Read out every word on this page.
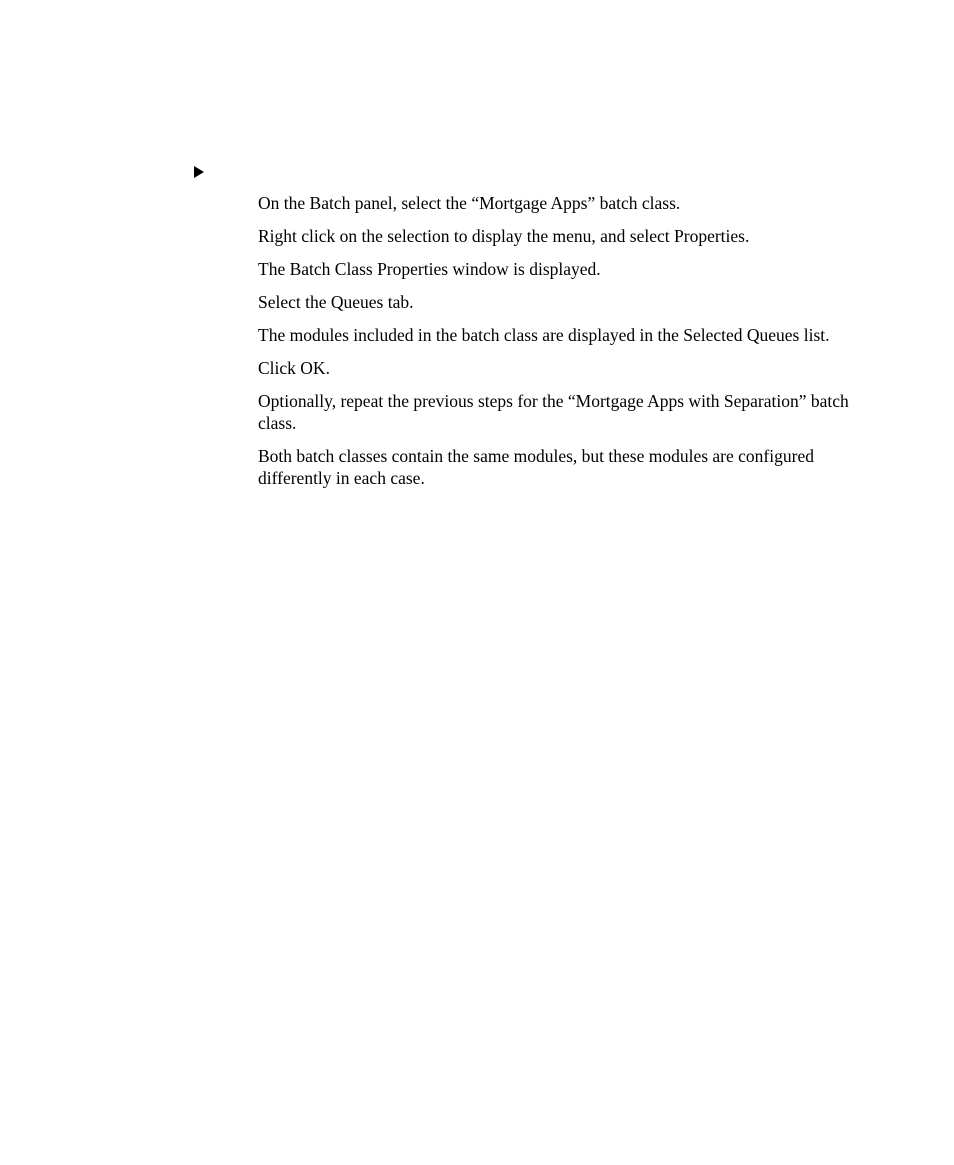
On the Batch panel, select the “Mortgage Apps” batch class.
Right click on the selection to display the menu, and select Properties.
The Batch Class Properties window is displayed.
Select the Queues tab.
The modules included in the batch class are displayed in the Selected Queues list.
Click OK.
Optionally, repeat the previous steps for the “Mortgage Apps with Separation” batch class.
Both batch classes contain the same modules, but these modules are configured differently in each case.
